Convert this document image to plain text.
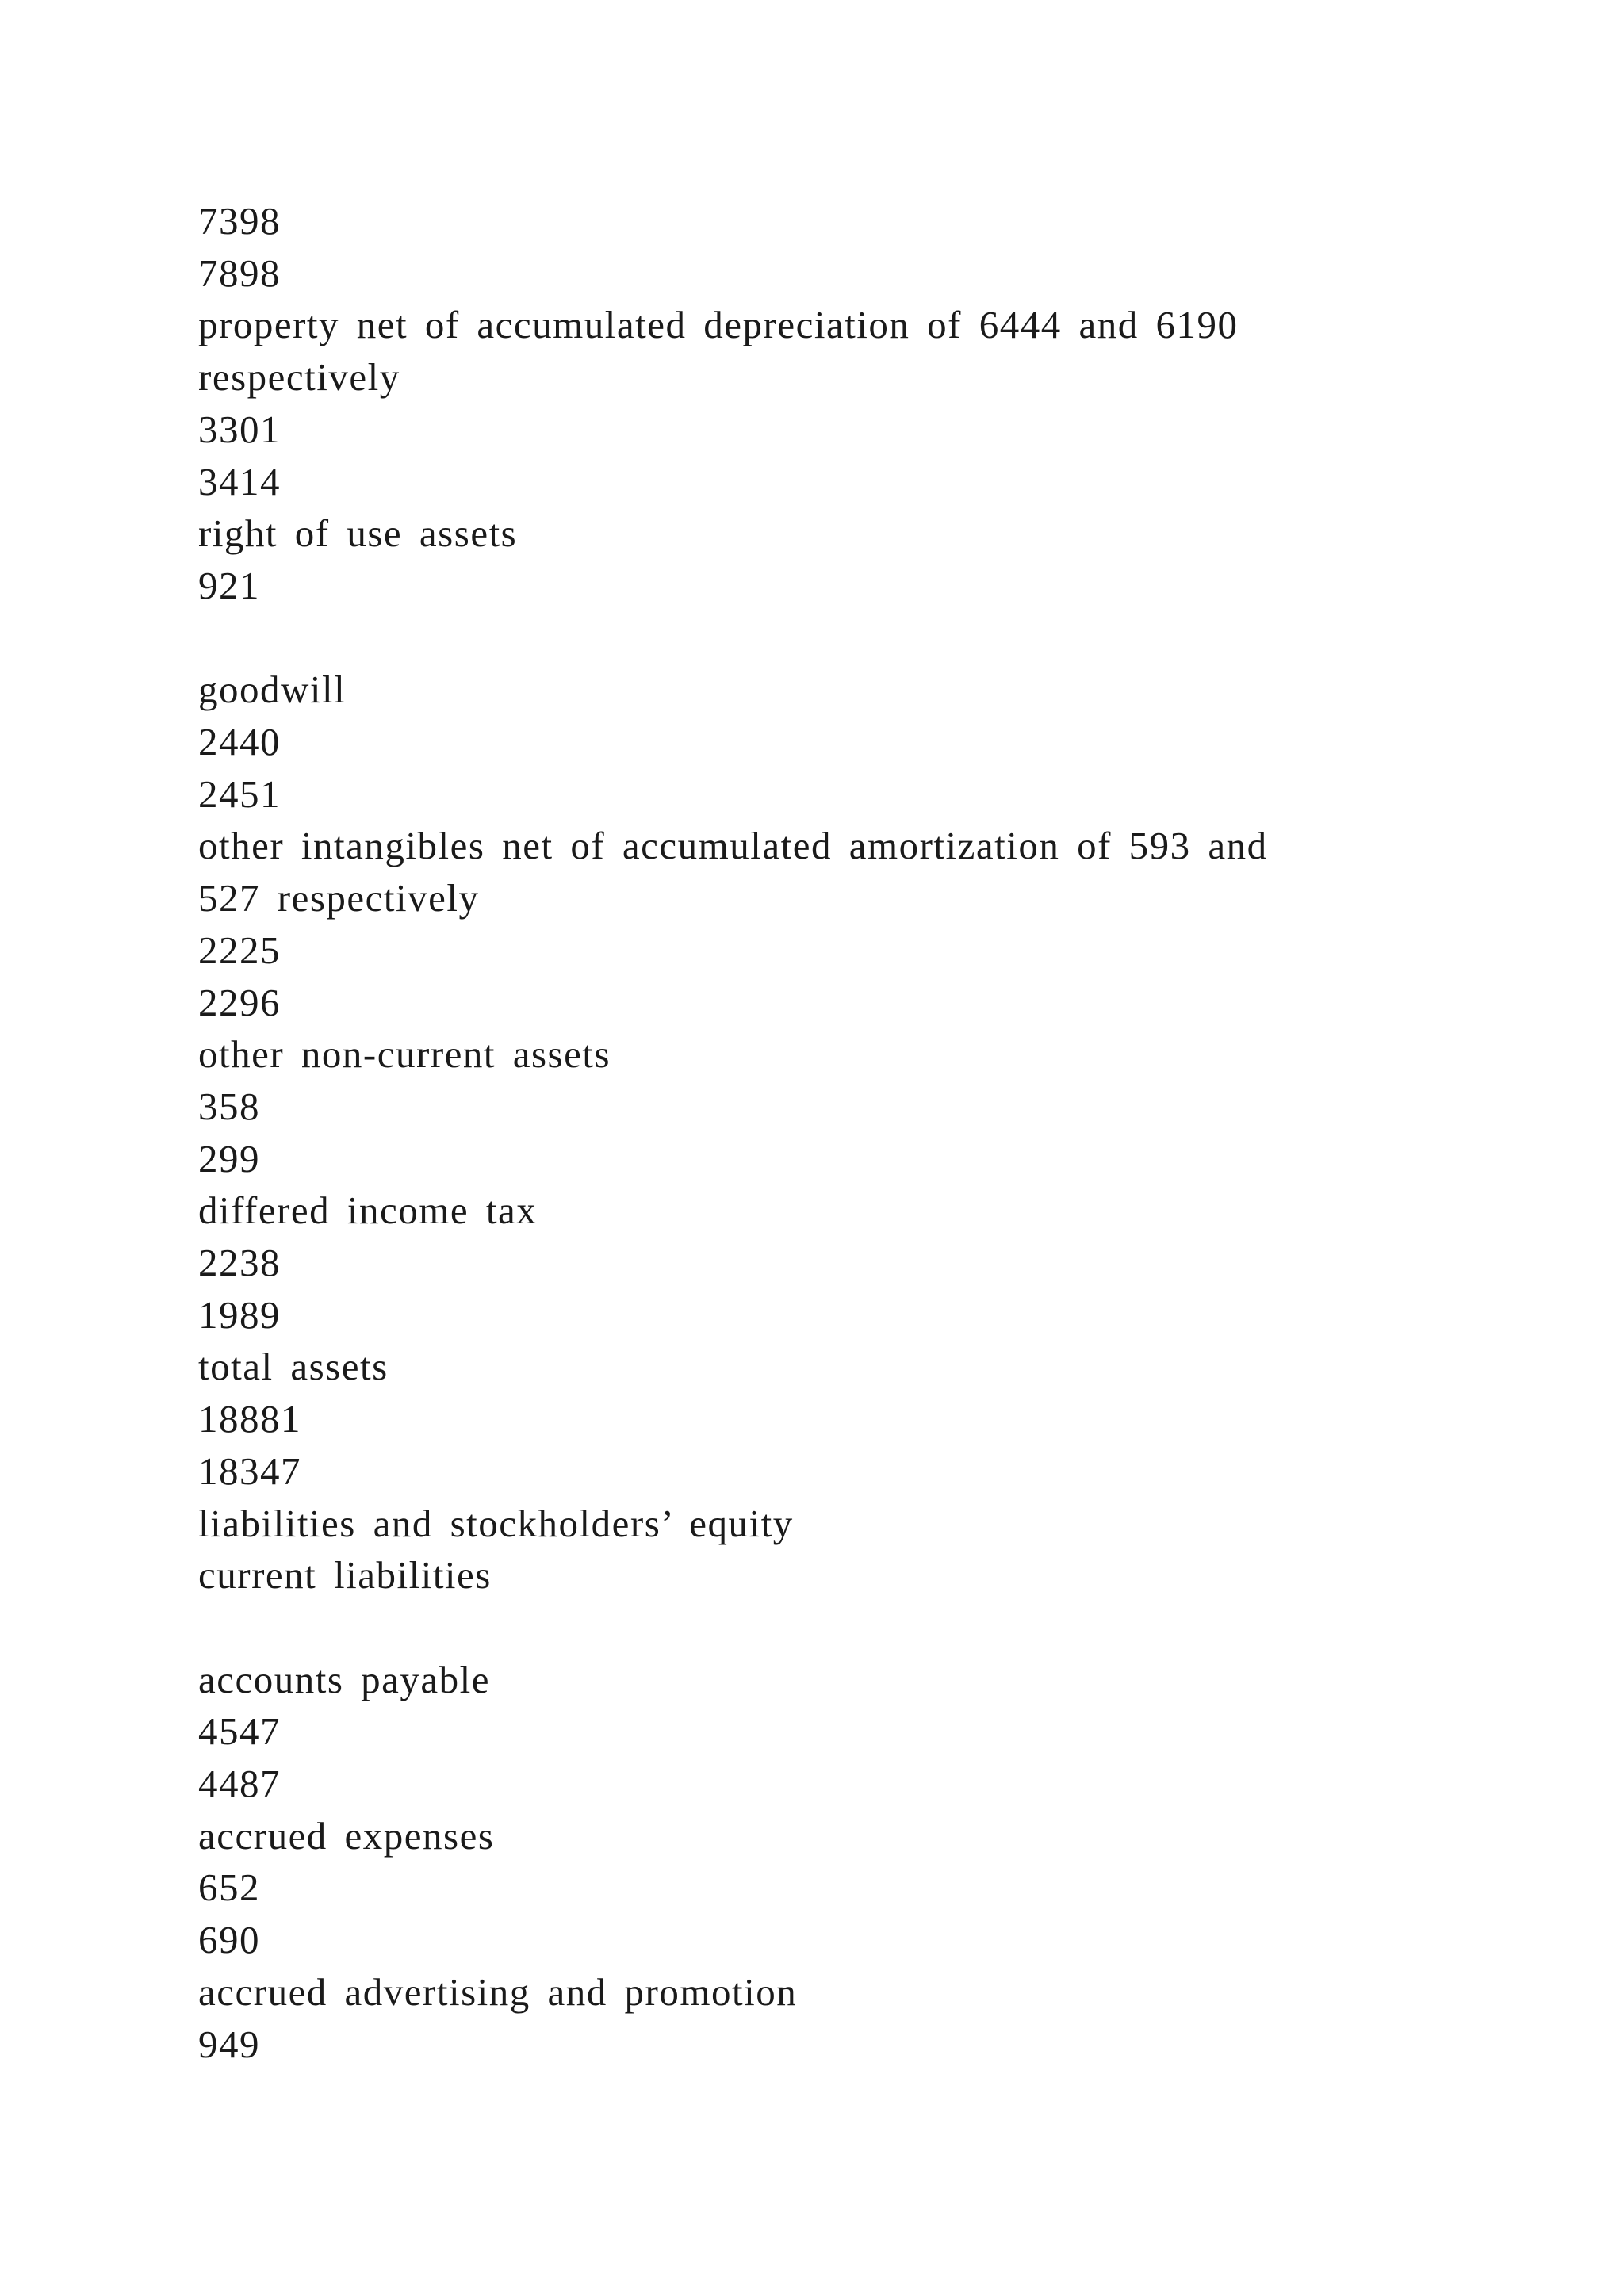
7398
7898
property net of accumulated depreciation of 6444 and 6190
respectively
3301
3414
right of use assets
921
goodwill
2440
2451
other intangibles net of accumulated amortization of 593 and
527 respectively
2225
2296
other non-current assets
358
299
differed income tax
2238
1989
total assets
18881
18347
liabilities and stockholders’ equity
current liabilities
accounts payable
4547
4487
accrued expenses
652
690
accrued advertising and promotion
949
